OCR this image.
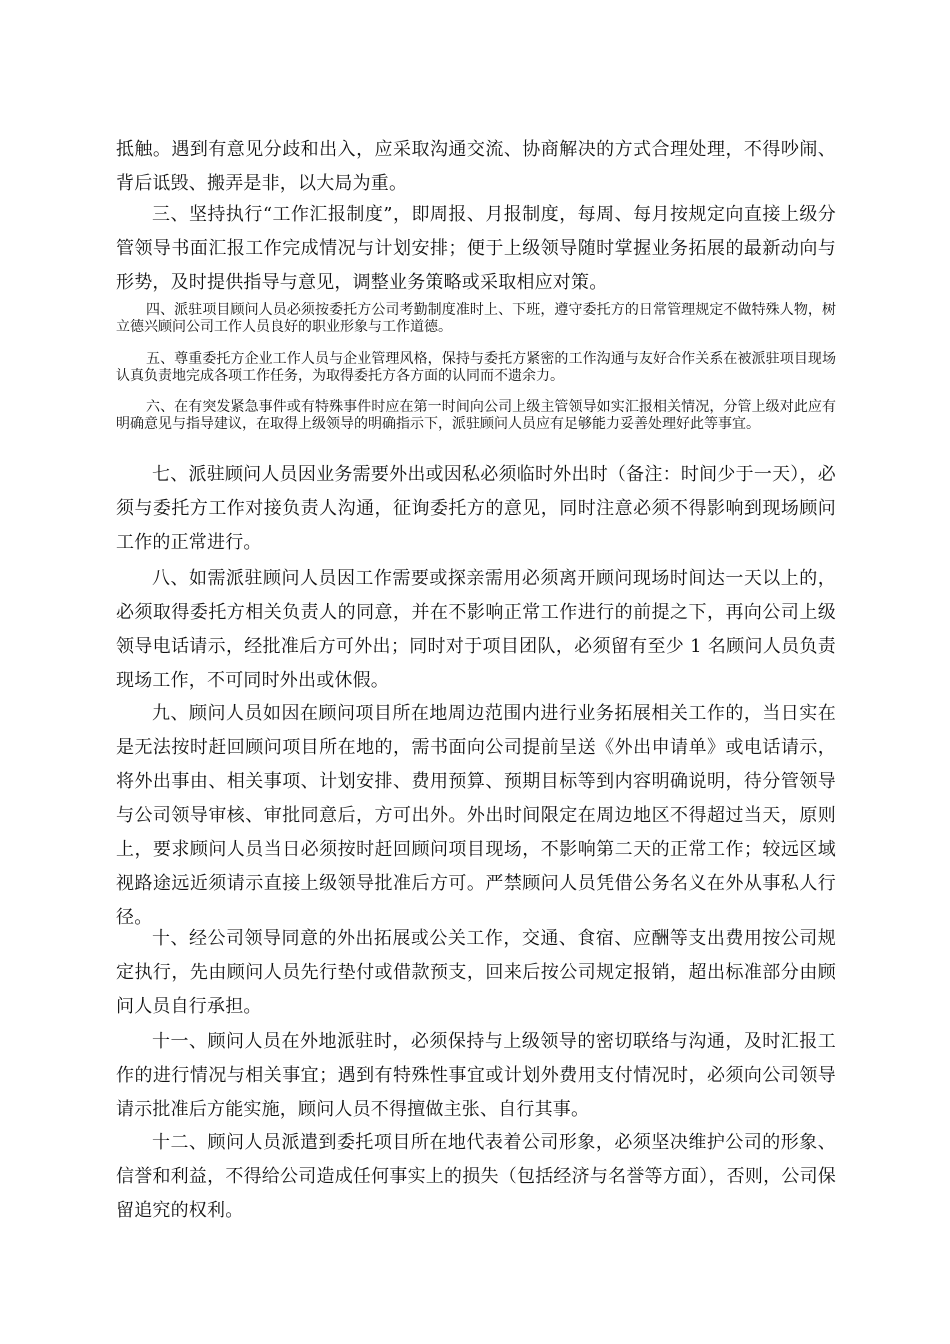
抵触。遇到有意见分歧和出入，应采取沟通交流、协商解决的方式合理处理，不得吵闹、背后诋毁、搬弄是非，以大局为重。

三、坚持执行“工作汇报制度”，即周报、月报制度，每周、每月按规定向直接上级分管领导书面汇报工作完成情况与计划安排；便于上级领导随时掌握业务拓展的最新动向与形势，及时提供指导与意见，调整业务策略或采取相应对策。

四、派驻项目顾问人员必须按委托方公司考勤制度准时上、下班，遵守委托方的日常管理规定不做特殊人物，树立德兴顾问公司工作人员良好的职业形象与工作道德。

五、尊重委托方企业工作人员与企业管理风格，保持与委托方紧密的工作沟通与友好合作关系在被派驻项目现场认真负责地完成各项工作任务，为取得委托方各方面的认同而不遗余力。

六、在有突发紧急事件或有特殊事件时应在第一时间向公司上级主管领导如实汇报相关情况，分管上级对此应有明确意见与指导建议，在取得上级领导的明确指示下，派驻顾问人员应有足够能力妥善处理好此等事宜。

七、派驻顾问人员因业务需要外出或因私必须临时外出时（备注：时间少于一天），必须与委托方工作对接负责人沟通，征询委托方的意见，同时注意必须不得影响到现场顾问工作的正常进行。

八、如需派驻顾问人员因工作需要或探亲需用必须离开顾问现场时间达一天以上的，必须取得委托方相关负责人的同意，并在不影响正常工作进行的前提之下，再向公司上级领导电话请示，经批准后方可外出；同时对于项目团队，必须留有至少 1 名顾问人员负责现场工作，不可同时外出或休假。

九、顾问人员如因在顾问项目所在地周边范围内进行业务拓展相关工作的，当日实在是无法按时赶回顾问项目所在地的，需书面向公司提前呈送《外出申请单》或电话请示，将外出事由、相关事项、计划安排、费用预算、预期目标等到内容明确说明，待分管领导与公司领导审核、审批同意后，方可出外。外出时间限定在周边地区不得超过当天，原则上，要求顾问人员当日必须按时赶回顾问项目现场，不影响第二天的正常工作；较远区域视路途远近须请示直接上级领导批准后方可。严禁顾问人员凭借公务名义在外从事私人行径。

十、经公司领导同意的外出拓展或公关工作，交通、食宿、应酬等支出费用按公司规定执行，先由顾问人员先行垫付或借款预支，回来后按公司规定报销，超出标准部分由顾问人员自行承担。

十一、顾问人员在外地派驻时，必须保持与上级领导的密切联络与沟通，及时汇报工作的进行情况与相关事宜；遇到有特殊性事宜或计划外费用支付情况时，必须向公司领导请示批准后方能实施，顾问人员不得擅做主张、自行其事。

十二、顾问人员派遣到委托项目所在地代表着公司形象，必须坚决维护公司的形象、信誉和利益，不得给公司造成任何事实上的损失（包括经济与名誉等方面），否则，公司保留追究的权利。
